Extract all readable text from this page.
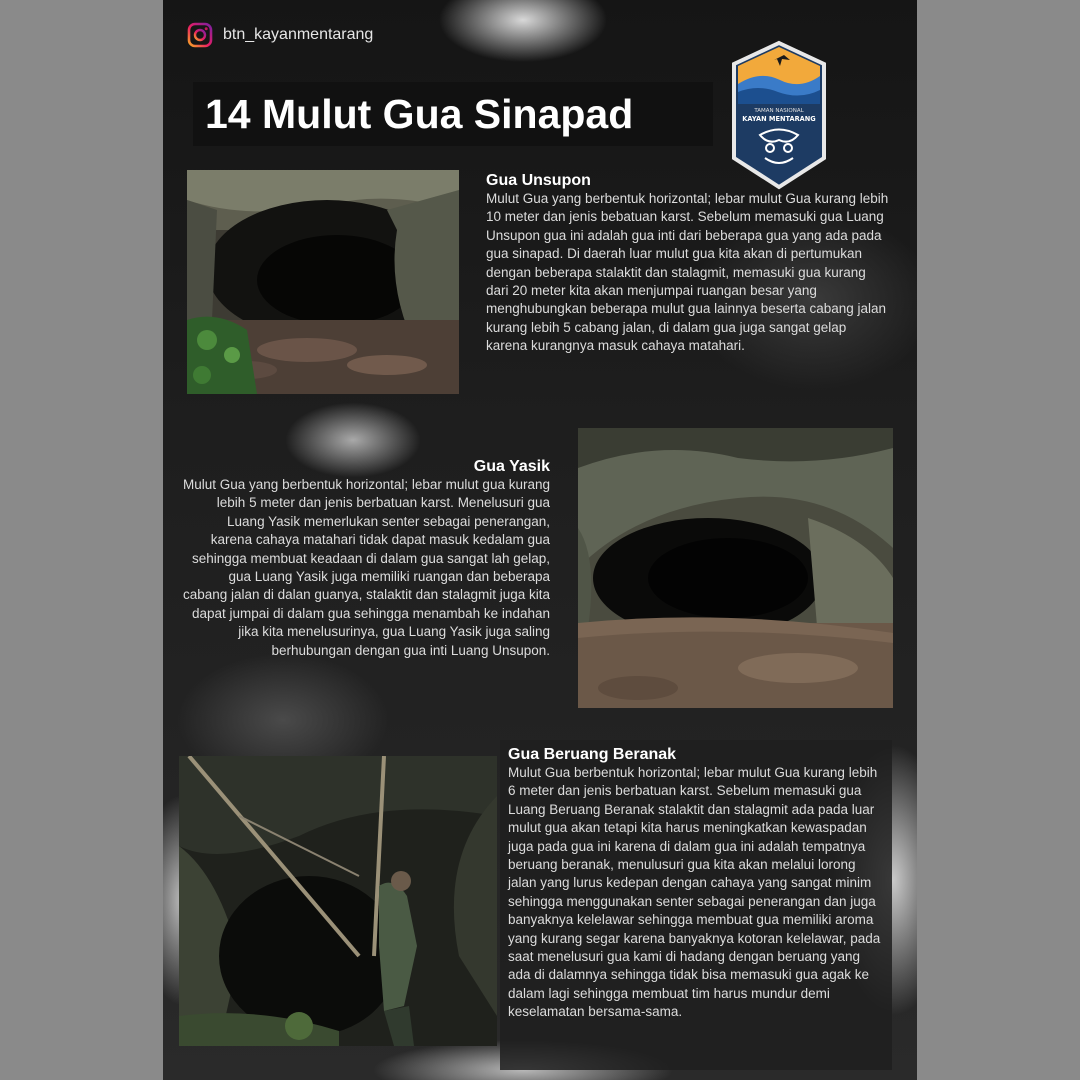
btn_kayanmentarang
14 Mulut Gua Sinapad	TAMAN NASIONAL
KAYAN MENTARANG
Gua Unsupon

Mulut Gua yang berbentuk horizontal; lebar mulut Gua kurang lebih 10 meter dan jenis bebatuan karst. Sebelum memasuki gua Luang Unsupon gua ini adalah gua inti dari beberapa gua yang ada pada gua sinapad. Di daerah luar mulut gua kita akan di pertumukan dengan beberapa stalaktit dan stalagmit, memasuki gua kurang dari 20 meter kita akan menjumpai ruangan besar yang menghubungkan beberapa mulut gua lainnya beserta cabang jalan kurang lebih 5 cabang jalan, di dalam gua juga sangat gelap karena kurangnya masuk cahaya matahari.

Gua Yasik

Mulut Gua yang berbentuk horizontal; lebar mulut gua kurang lebih 5 meter dan jenis berbatuan karst. Menelusuri gua Luang Yasik memerlukan senter sebagai penerangan, karena cahaya matahari tidak dapat masuk kedalam gua sehingga membuat keadaan di dalam gua sangat lah gelap, gua Luang Yasik juga memiliki ruangan dan beberapa cabang jalan di dalan guanya, stalaktit dan stalagmit juga kita dapat jumpai di dalam gua sehingga menambah ke indahan jika kita menelusurinya, gua Luang Yasik juga saling berhubungan dengan gua inti Luang Unsupon.

Gua Beruang Beranak

Mulut Gua berbentuk horizontal; lebar mulut Gua kurang lebih 6 meter dan jenis berbatuan karst. Sebelum memasuki gua Luang Beruang Beranak stalaktit dan stalagmit ada pada luar mulut gua akan tetapi kita harus meningkatkan kewaspadan juga pada gua ini karena di dalam gua ini adalah tempatnya beruang beranak, menulusuri gua kita akan melalui lorong jalan yang lurus kedepan dengan cahaya yang sangat minim sehingga menggunakan senter sebagai penerangan dan juga banyaknya kelelawar sehingga membuat gua memiliki aroma yang kurang segar karena banyaknya kotoran kelelawar, pada saat menelusuri gua kami di hadang dengan beruang yang ada di dalamnya sehingga tidak bisa memasuki gua agak ke dalam lagi sehingga membuat tim harus mundur demi keselamatan bersama-sama.
